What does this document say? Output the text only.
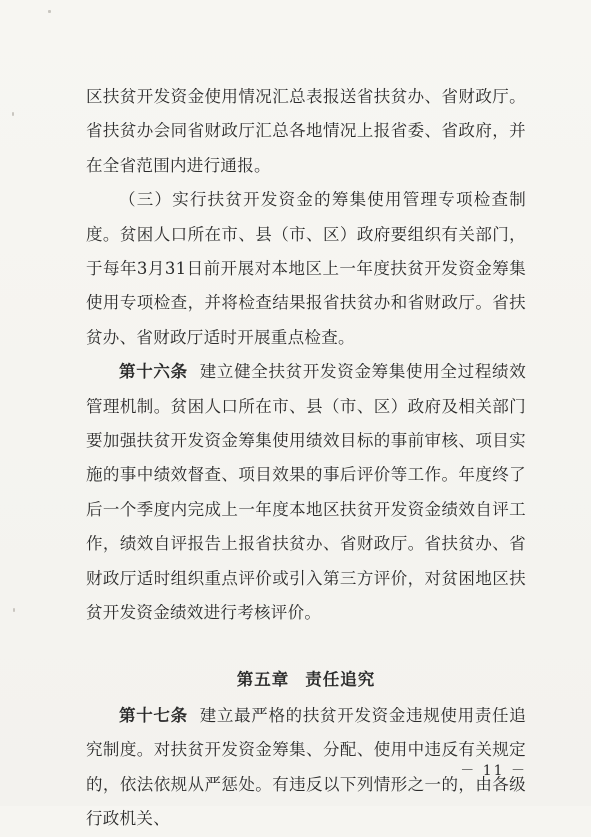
区扶贫开发资金使用情况汇总表报送省扶贫办、省财政厅。省扶贫办会同省财政厅汇总各地情况上报省委、省政府，并在全省范围内进行通报。

（三）实行扶贫开发资金的筹集使用管理专项检查制度。贫困人口所在市、县（市、区）政府要组织有关部门，于每年3月31日前开展对本地区上一年度扶贫开发资金筹集使用专项检查，并将检查结果报省扶贫办和省财政厅。省扶贫办、省财政厅适时开展重点检查。

第十六条 建立健全扶贫开发资金筹集使用全过程绩效管理机制。贫困人口所在市、县（市、区）政府及相关部门要加强扶贫开发资金筹集使用绩效目标的事前审核、项目实施的事中绩效督查、项目效果的事后评价等工作。年度终了后一个季度内完成上一年度本地区扶贫开发资金绩效自评工作，绩效自评报告上报省扶贫办、省财政厅。省扶贫办、省财政厅适时组织重点评价或引入第三方评价，对贫困地区扶贫开发资金绩效进行考核评价。

第五章 责任追究

第十七条 建立最严格的扶贫开发资金违规使用责任追究制度。对扶贫开发资金筹集、分配、使用中违反有关规定的，依法依规从严惩处。有违反以下列情形之一的，由各级行政机关、

－ 11 －
